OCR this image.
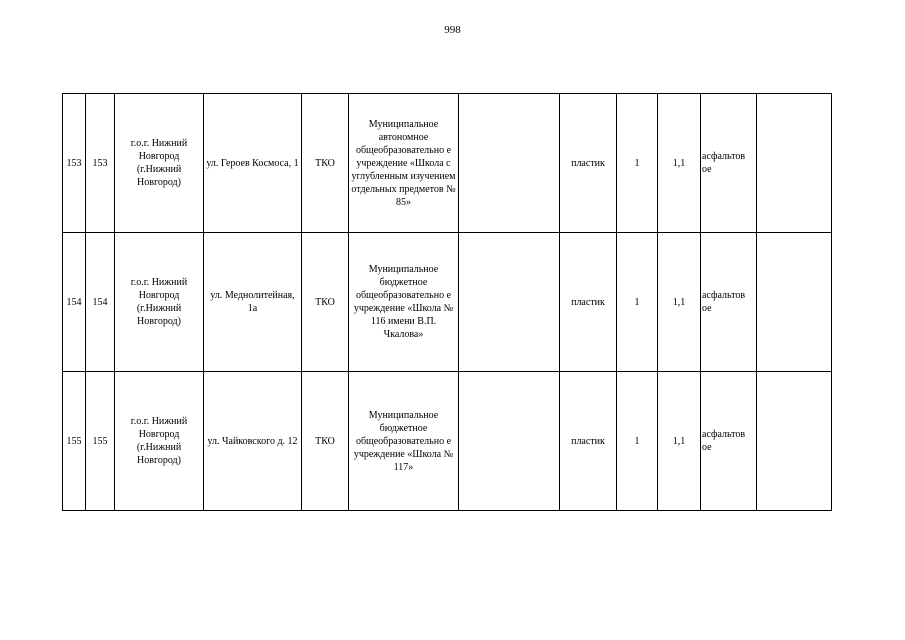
998
153	153	г.о.г. Нижний Новгород (г.Нижний Новгород)	ул. Героев Космоса, 1	ТКО	Муниципальное автономное общеобразовательно е учреждение «Школа с углубленным изучением отдельных предметов № 85»		пластик	1	1,1	асфальтов ое	
154	154	г.о.г. Нижний Новгород (г.Нижний Новгород)	ул. Меднолитейная, 1а	ТКО	Муниципальное бюджетное общеобразовательно е учреждение «Школа № 116 имени В.П. Чкалова»		пластик	1	1,1	асфальтов ое	
155	155	г.о.г. Нижний Новгород (г.Нижний Новгород)	ул. Чайковского д. 12	ТКО	Муниципальное бюджетное общеобразовательно е учреждение «Школа № 117»		пластик	1	1,1	асфальтов ое	
